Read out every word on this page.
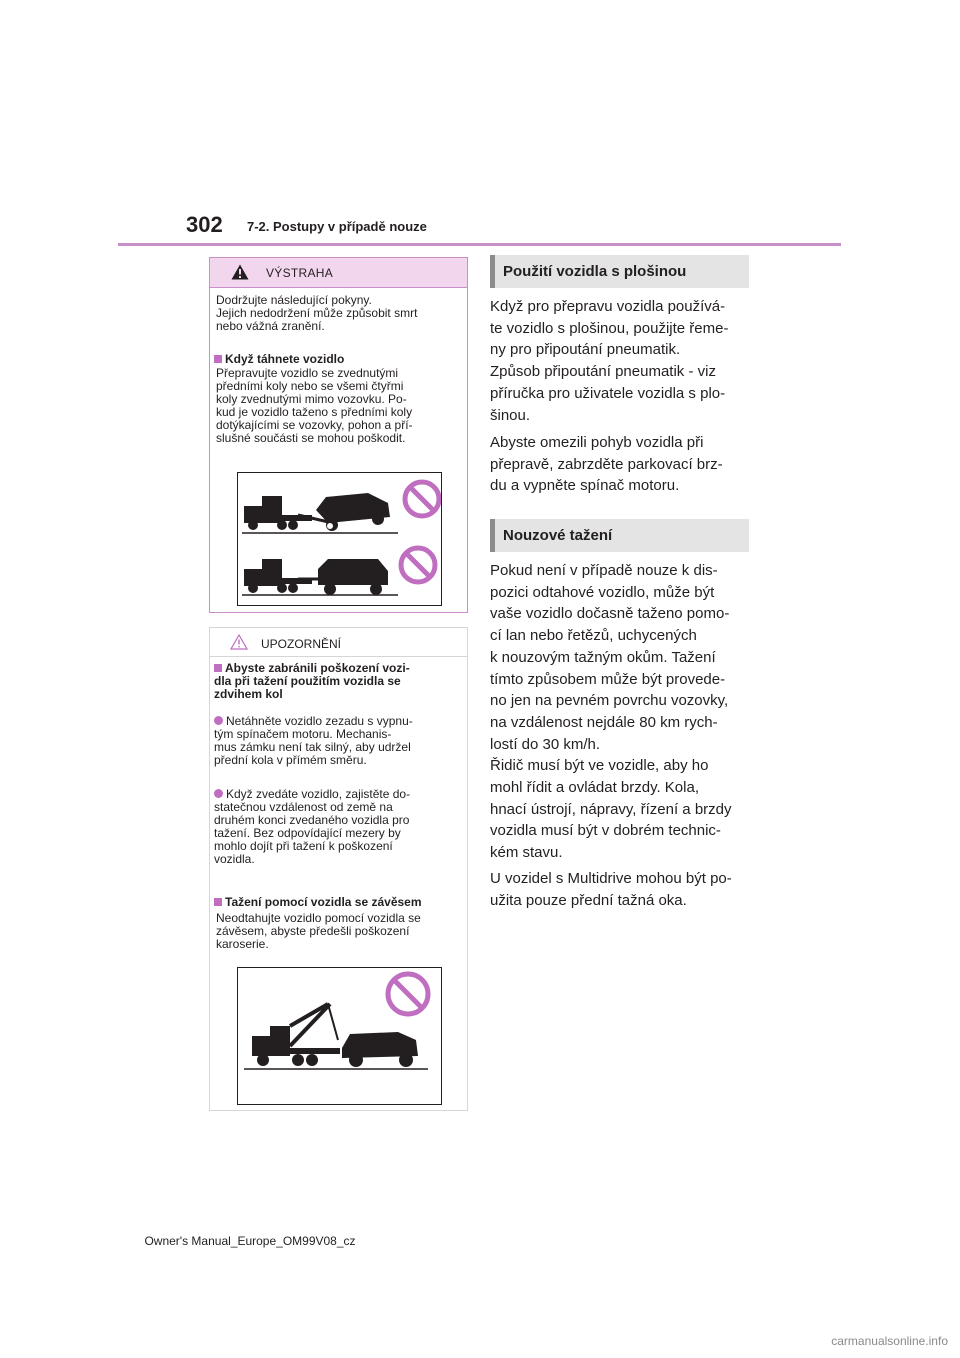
302 7-2. Postupy v případě nouze
VÝSTRAHA
Dodržujte následující pokyny.
Jejich nedodržení může způsobit smrt
nebo vážná zranění.
Když táhnete vozidlo
Přepravujte vozidlo se zvednutými
předními koly nebo se všemi čtyřmi
koly zvednutými mimo vozovku. Po-
kud je vozidlo taženo s předními koly
dotýkajícími se vozovky, pohon a pří-
slušné součásti se mohou poškodit.
UPOZORNĚNÍ
Abyste zabránili poškození vozi-
dla při tažení použitím vozidla se
zdvihem kol
Netáhněte vozidlo zezadu s vypnu-
tým spínačem motoru. Mechanis-
mus zámku není tak silný, aby udržel
přední kola v přímém směru.
Když zvedáte vozidlo, zajistěte do-
statečnou vzdálenost od země na
druhém konci zvedaného vozidla pro
tažení. Bez odpovídající mezery by
mohlo dojít při tažení k poškození
vozidla.
Tažení pomocí vozidla se závěsem
Neodtahujte vozidlo pomocí vozidla se
závěsem, abyste předešli poškození
karoserie.
Použití vozidla s plošinou
Když pro přepravu vozidla používá-
te vozidlo s plošinou, použijte řeme-
ny pro připoutání pneumatik.
Způsob připoutání pneumatik - viz
příručka pro uživatele vozidla s plo-
šinou.
Abyste omezili pohyb vozidla při
přepravě, zabrzděte parkovací brz-
du a vypněte spínač motoru.
Nouzové tažení
Pokud není v případě nouze k dis-
pozici odtahové vozidlo, může být
vaše vozidlo dočasně taženo pomo-
cí lan nebo řetězů, uchycených
k nouzovým tažným okům. Tažení
tímto způsobem může být provede-
no jen na pevném povrchu vozovky,
na vzdálenost nejdále 80 km rych-
lostí do 30 km/h.
Řidič musí být ve vozidle, aby ho
mohl řídit a ovládat brzdy. Kola,
hnací ústrojí, nápravy, řízení a brzdy
vozidla musí být v dobrém technic-
kém stavu.
U vozidel s Multidrive mohou být po-
užita pouze přední tažná oka.
Owner's Manual_Europe_OM99V08_cz
carmanualsonline.info
